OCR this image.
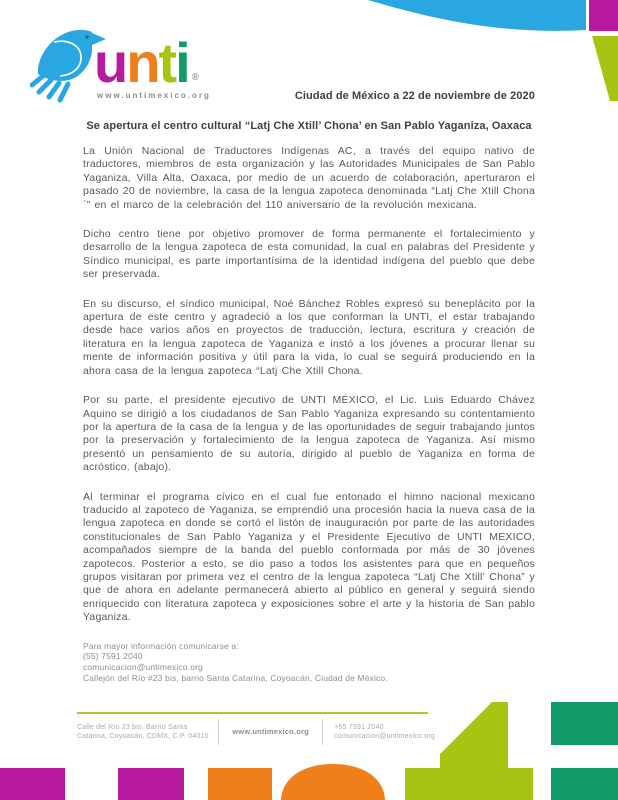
unti ®
www.untimexico.org	Ciudad de México a 22 de noviembre de 2020
Se apertura el centro cultural “Latj Che Xtill’ Chona’ en San Pablo Yaganiza, Oaxaca

La Unión Nacional de Traductores Indígenas AC, a través del equipo nativo de traductores, miembros de esta organización y las Autoridades Municipales de San Pablo Yaganiza, Villa Alta, Oaxaca, por medio de un acuerdo de colaboración, aperturaron el pasado 20 de noviembre, la casa de la lengua zapoteca denominada “Latj Che Xtill Chona´” en el marco de la celebración del 110 aniversario de la revolución mexicana.

Dicho centro tiene por objetivo promover de forma permanente el fortalecimiento y desarrollo de la lengua zapoteca de esta comunidad, la cual en palabras del Presidente y Síndico municipal, es parte importantísima de la identidad indígena del pueblo que debe ser preservada.

En su discurso, el síndico municipal, Noé Bánchez Robles expresó su beneplácito por la apertura de este centro y agradeció a los que conforman la UNTI, el estar trabajando desde hace varios años en proyectos de traducción, lectura, escritura y creación de literatura en la lengua zapoteca de Yaganiza e instó a los jóvenes a procurar llenar su mente de información positiva y útil para la vida, lo cual se seguirá produciendo en la ahora casa de la lengua zapoteca “Latj Che Xtill Chona.

Por su parte, el presidente ejecutivo de UNTI MÉXICO, el Lic. Luis Eduardo Chávez Aquino se dirigió a los ciudadanos de San Pablo Yaganiza expresando su contentamiento por la apertura de la casa de la lengua y de las oportunidades de seguir trabajando juntos por la preservación y fortalecimiento de la lengua zapoteca de Yaganiza. Así mismo presentó un pensamiento de su autoría, dirigido al pueblo de Yaganiza en forma de acróstico. (abajo).

Al terminar el programa cívico en el cual fue entonado el himno nacional mexicano traducido al zapoteco de Yaganiza, se emprendió una procesión hacia la nueva casa de la lengua zapoteca en donde se cortó el listón de inauguración por parte de las autoridades constitucionales de San Pablo Yaganiza y el Presidente Ejecutivo de UNTI MEXICO, acompañados siempre de la banda del pueblo conformada por más de 30 jóvenes zapotecos. Posterior a esto, se dio paso a todos los asistentes para que en pequeños grupos visitaran por primera vez el centro de la lengua zapoteca “Latj Che Xtill’ Chona” y que de ahora en adelante permanecerá abierto al público en general y seguirá siendo enriquecido con literatura zapoteca y exposiciones sobre el arte y la historia de San pablo Yaganiza.

Para mayor información comunicarse a:
(55) 7591 2040
comunicacion@untimexico.org
Callejón del Río #23 bis, barrio Santa Catarina, Coyoacán, Ciudad de México.
Calle del Río 23 bis, Barrio Santa
Catarina, Coyoacán, CDMX, C.P. 04010
www.untimexico.org
+55 7591 2040
comunicacion@untimexico.org
